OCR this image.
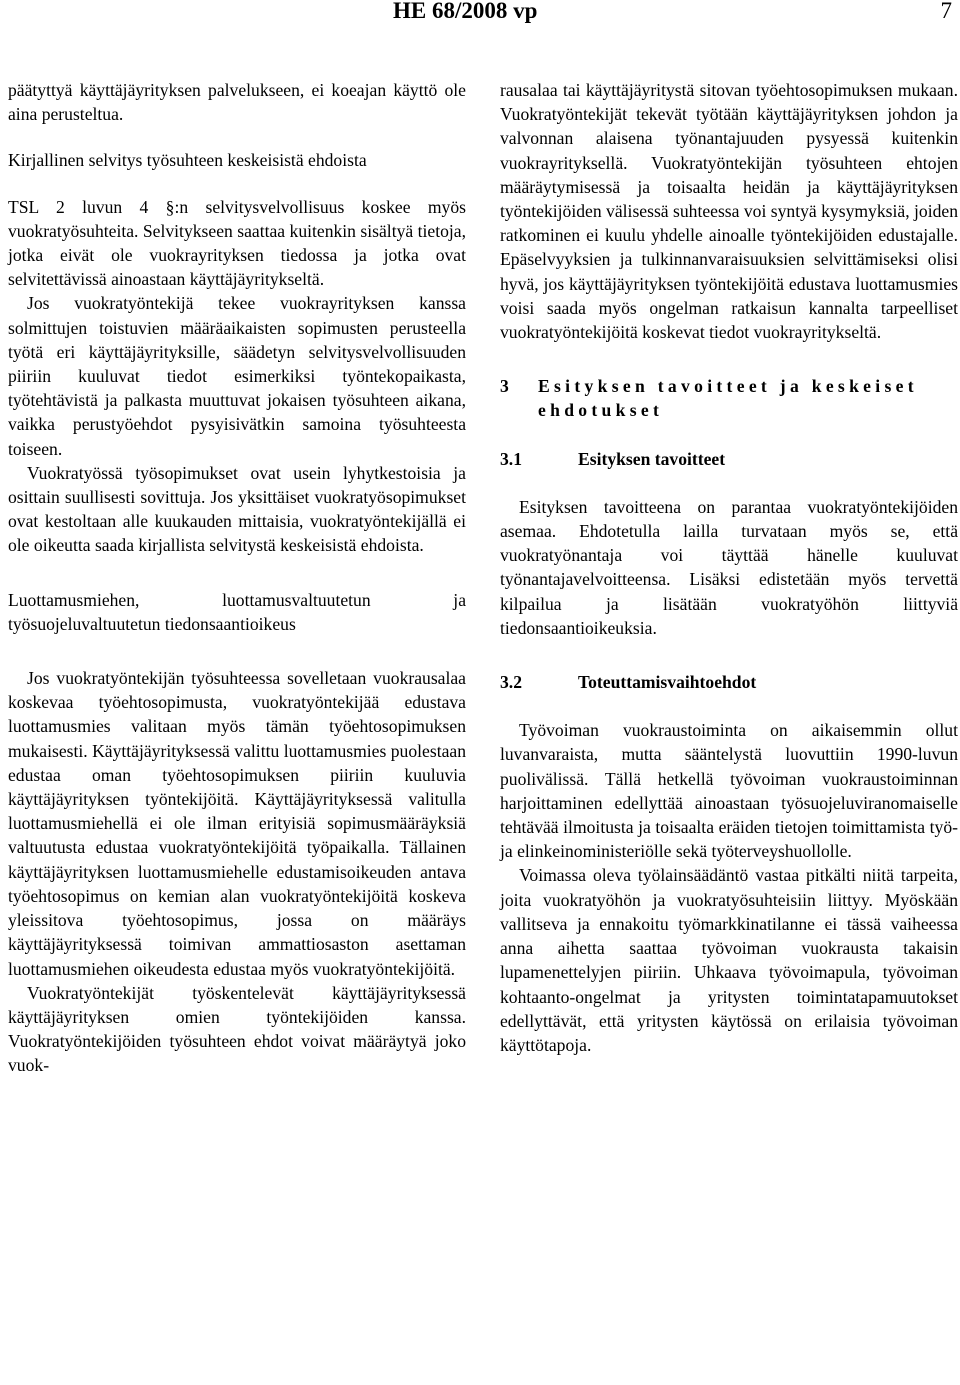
HE 68/2008 vp	7

päätyttyä käyttäjäyrityksen palvelukseen, ei koeajan käyttö ole aina perusteltua.

Kirjallinen selvitys työsuhteen keskeisistä ehdoista

TSL 2 luvun 4 §:n selvitysvelvollisuus koskee myös vuokratyösuhteita. Selvitykseen saattaa kuitenkin sisältyä tietoja, jotka eivät ole vuokrayrityksen tiedossa ja jotka ovat selvitettävissä ainoastaan käyttäjäyritykseltä.

Jos vuokratyöntekijä tekee vuokrayrityksen kanssa solmittujen toistuvien määräaikaisten sopimusten perusteella työtä eri käyttäjäyrityksille, säädetyn selvitysvelvollisuuden piiriin kuuluvat tiedot esimerkiksi työntekopaikasta, työtehtävistä ja palkasta muuttuvat jokaisen työsuhteen aikana, vaikka perustyöehdot pysyisivätkin samoina työsuhteesta toiseen.

Vuokratyössä työsopimukset ovat usein lyhytkestoisia ja osittain suullisesti sovittuja. Jos yksittäiset vuokratyösopimukset ovat kestoltaan alle kuukauden mittaisia, vuokratyöntekijällä ei ole oikeutta saada kirjallista selvitystä keskeisistä ehdoista.

Luottamusmiehen, luottamusvaltuutetun ja työsuojeluvaltuutetun tiedonsaantioikeus

Jos vuokratyöntekijän työsuhteessa sovelletaan vuokrausalaa koskevaa työehtosopimusta, vuokratyöntekijää edustava luottamusmies valitaan myös tämän työehtosopimuksen mukaisesti. Käyttäjäyrityksessä valittu luottamusmies puolestaan edustaa oman työehtosopimuksen piiriin kuuluvia käyttäjäyrityksen työntekijöitä. Käyttäjäyrityksessä valitulla luottamusmiehellä ei ole ilman erityisiä sopimusmääräyksiä valtuutusta edustaa vuokratyöntekijöitä työpaikalla. Tällainen käyttäjäyrityksen luottamusmiehelle edustamisoikeuden antava työehtosopimus on kemian alan vuokratyöntekijöitä koskeva yleissitova työehtosopimus, jossa on määräys käyttäjäyrityksessä toimivan ammattiosaston asettaman luottamusmiehen oikeudesta edustaa myös vuokratyöntekijöitä.

Vuokratyöntekijät työskentelevät käyttäjäyrityksessä käyttäjäyrityksen omien työntekijöiden kanssa. Vuokratyöntekijöiden työsuhteen ehdot voivat määräytyä joko vuok-

rausalaa tai käyttäjäyritystä sitovan työehtosopimuksen mukaan. Vuokratyöntekijät tekevät työtään käyttäjäyrityksen johdon ja valvonnan alaisena työnantajuuden pysyessä kuitenkin vuokrayrityksellä. Vuokratyöntekijän työsuhteen ehtojen määräytymisessä ja toisaalta heidän ja käyttäjäyrityksen työntekijöiden välisessä suhteessa voi syntyä kysymyksiä, joiden ratkominen ei kuulu yhdelle ainoalle työntekijöiden edustajalle. Epäselvyyksien ja tulkinnanvaraisuuksien selvittämiseksi olisi hyvä, jos käyttäjäyrityksen työntekijöitä edustava luottamusmies voisi saada myös ongelman ratkaisun kannalta tarpeelliset vuokratyöntekijöitä koskevat tiedot vuokrayritykseltä.

3	Esityksen tavoitteet ja keskeiset ehdotukset
3.1	Esityksen tavoitteet

Esityksen tavoitteena on parantaa vuokratyöntekijöiden asemaa. Ehdotetulla lailla turvataan myös se, että vuokratyönantaja voi täyttää hänelle kuuluvat työnantajavelvoitteensa. Lisäksi edistetään myös tervettä kilpailua ja lisätään vuokratyöhön liittyviä tiedonsaantioikeuksia.

3.2	Toteuttamisvaihtoehdot

Työvoiman vuokraustoiminta on aikaisemmin ollut luvanvaraista, mutta sääntelystä luovuttiin 1990-luvun puolivälissä. Tällä hetkellä työvoiman vuokraustoiminnan harjoittaminen edellyttää ainoastaan työsuojeluviranomaiselle tehtävää ilmoitusta ja toisaalta eräiden tietojen toimittamista työ- ja elinkeinoministeriölle sekä työterveyshuollolle.

Voimassa oleva työlainsäädäntö vastaa pitkälti niitä tarpeita, joita vuokratyöhön ja vuokratyösuhteisiin liittyy. Myöskään vallitseva ja ennakoitu työmarkkinatilanne ei tässä vaiheessa anna aihetta saattaa työvoiman vuokrausta takaisin lupamenettelyjen piiriin. Uhkaava työvoimapula, työvoiman kohtaanto-ongelmat ja yritysten toimintatapamuutokset edellyttävät, että yritysten käytössä on erilaisia työvoiman käyttötapoja.
